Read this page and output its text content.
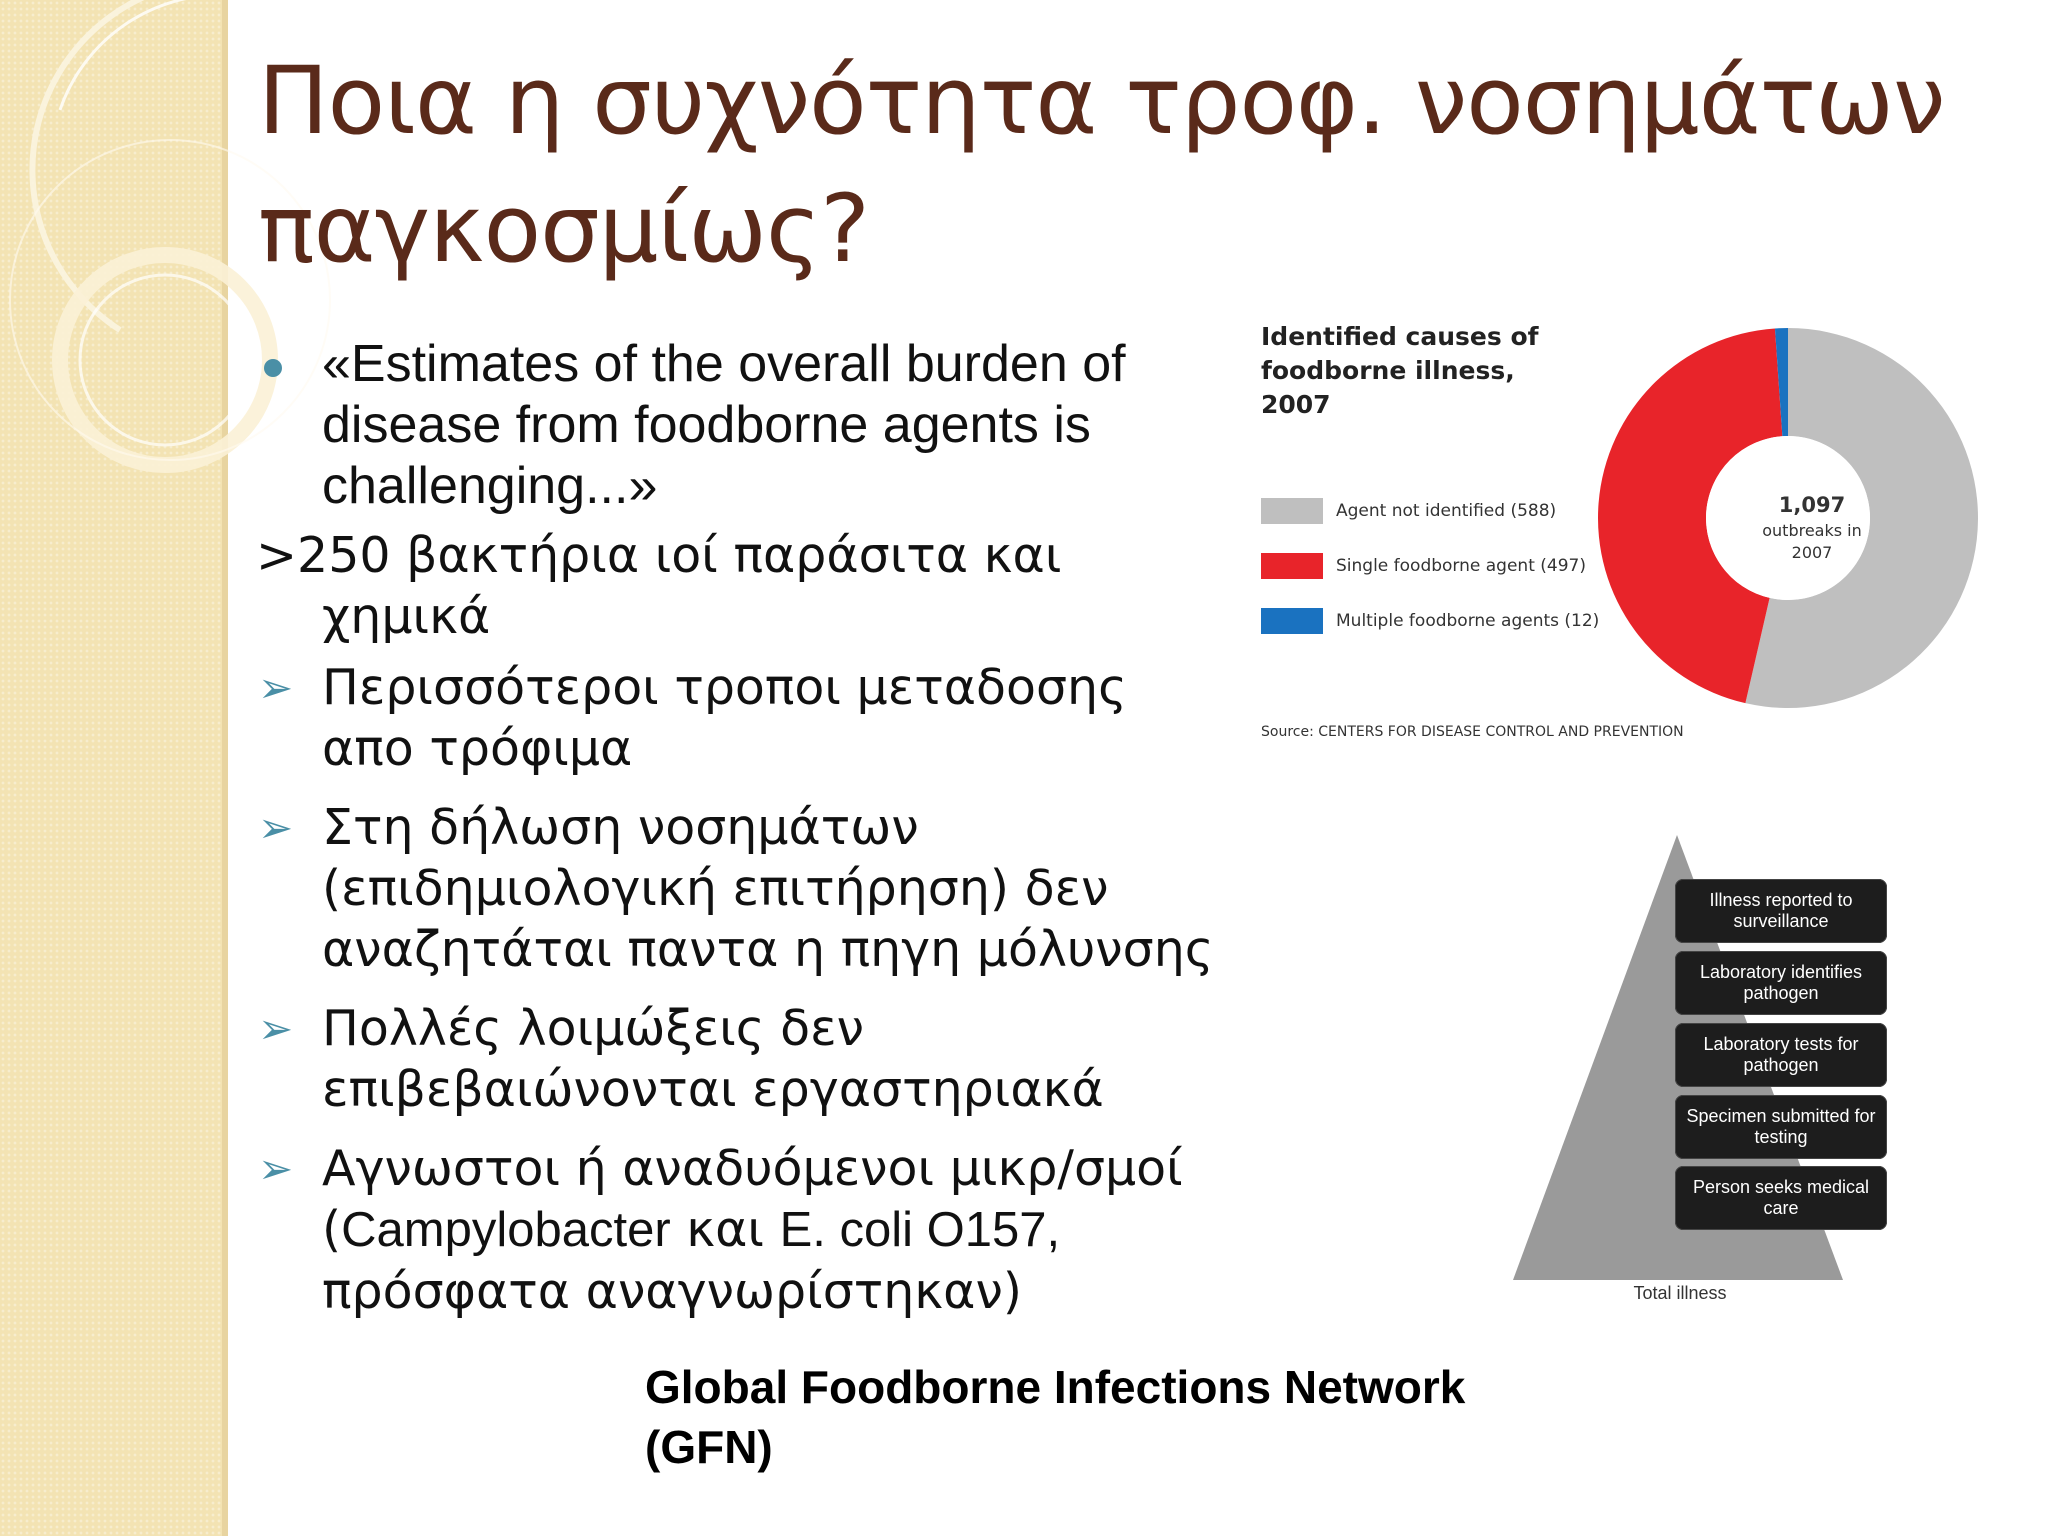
Ποια η συχνότητα τροφ. νοσημάτων
παγκοσμίως?
«Estimates of the overall burden of
disease from foodborne agents is
challenging...»
>250 βακτήρια ιοί παράσιτα και
χημικά
➢ Περισσότεροι τροποι μεταδοσης
απο τρόφιμα
➢ Στη δήλωση νοσημάτων
(επιδημιολογική επιτήρηση) δεν
αναζητάται παντα η πηγη μόλυνσης
➢ Πολλές λοιμώξεις δεν
επιβεβαιώνονται εργαστηριακά
➢ Αγνωστοι ή αναδυόμενοι μικρ/σμοί
(Campylobacter και E. coli O157,
πρόσφατα αναγνωρίστηκαν)

Global Foodborne Infections Network
(GFN)

Identified causes of foodborne illness, 2007
Agent not identified (588)
Single foodborne agent (497)
Multiple foodborne agents (12)
1,097
outbreaks in 2007
Source: CENTERS FOR DISEASE CONTROL AND PREVENTION
Illness reported to surveillance
Laboratory identifies pathogen
Laboratory tests for pathogen
Specimen submitted for testing
Person seeks medical care
Total illness
